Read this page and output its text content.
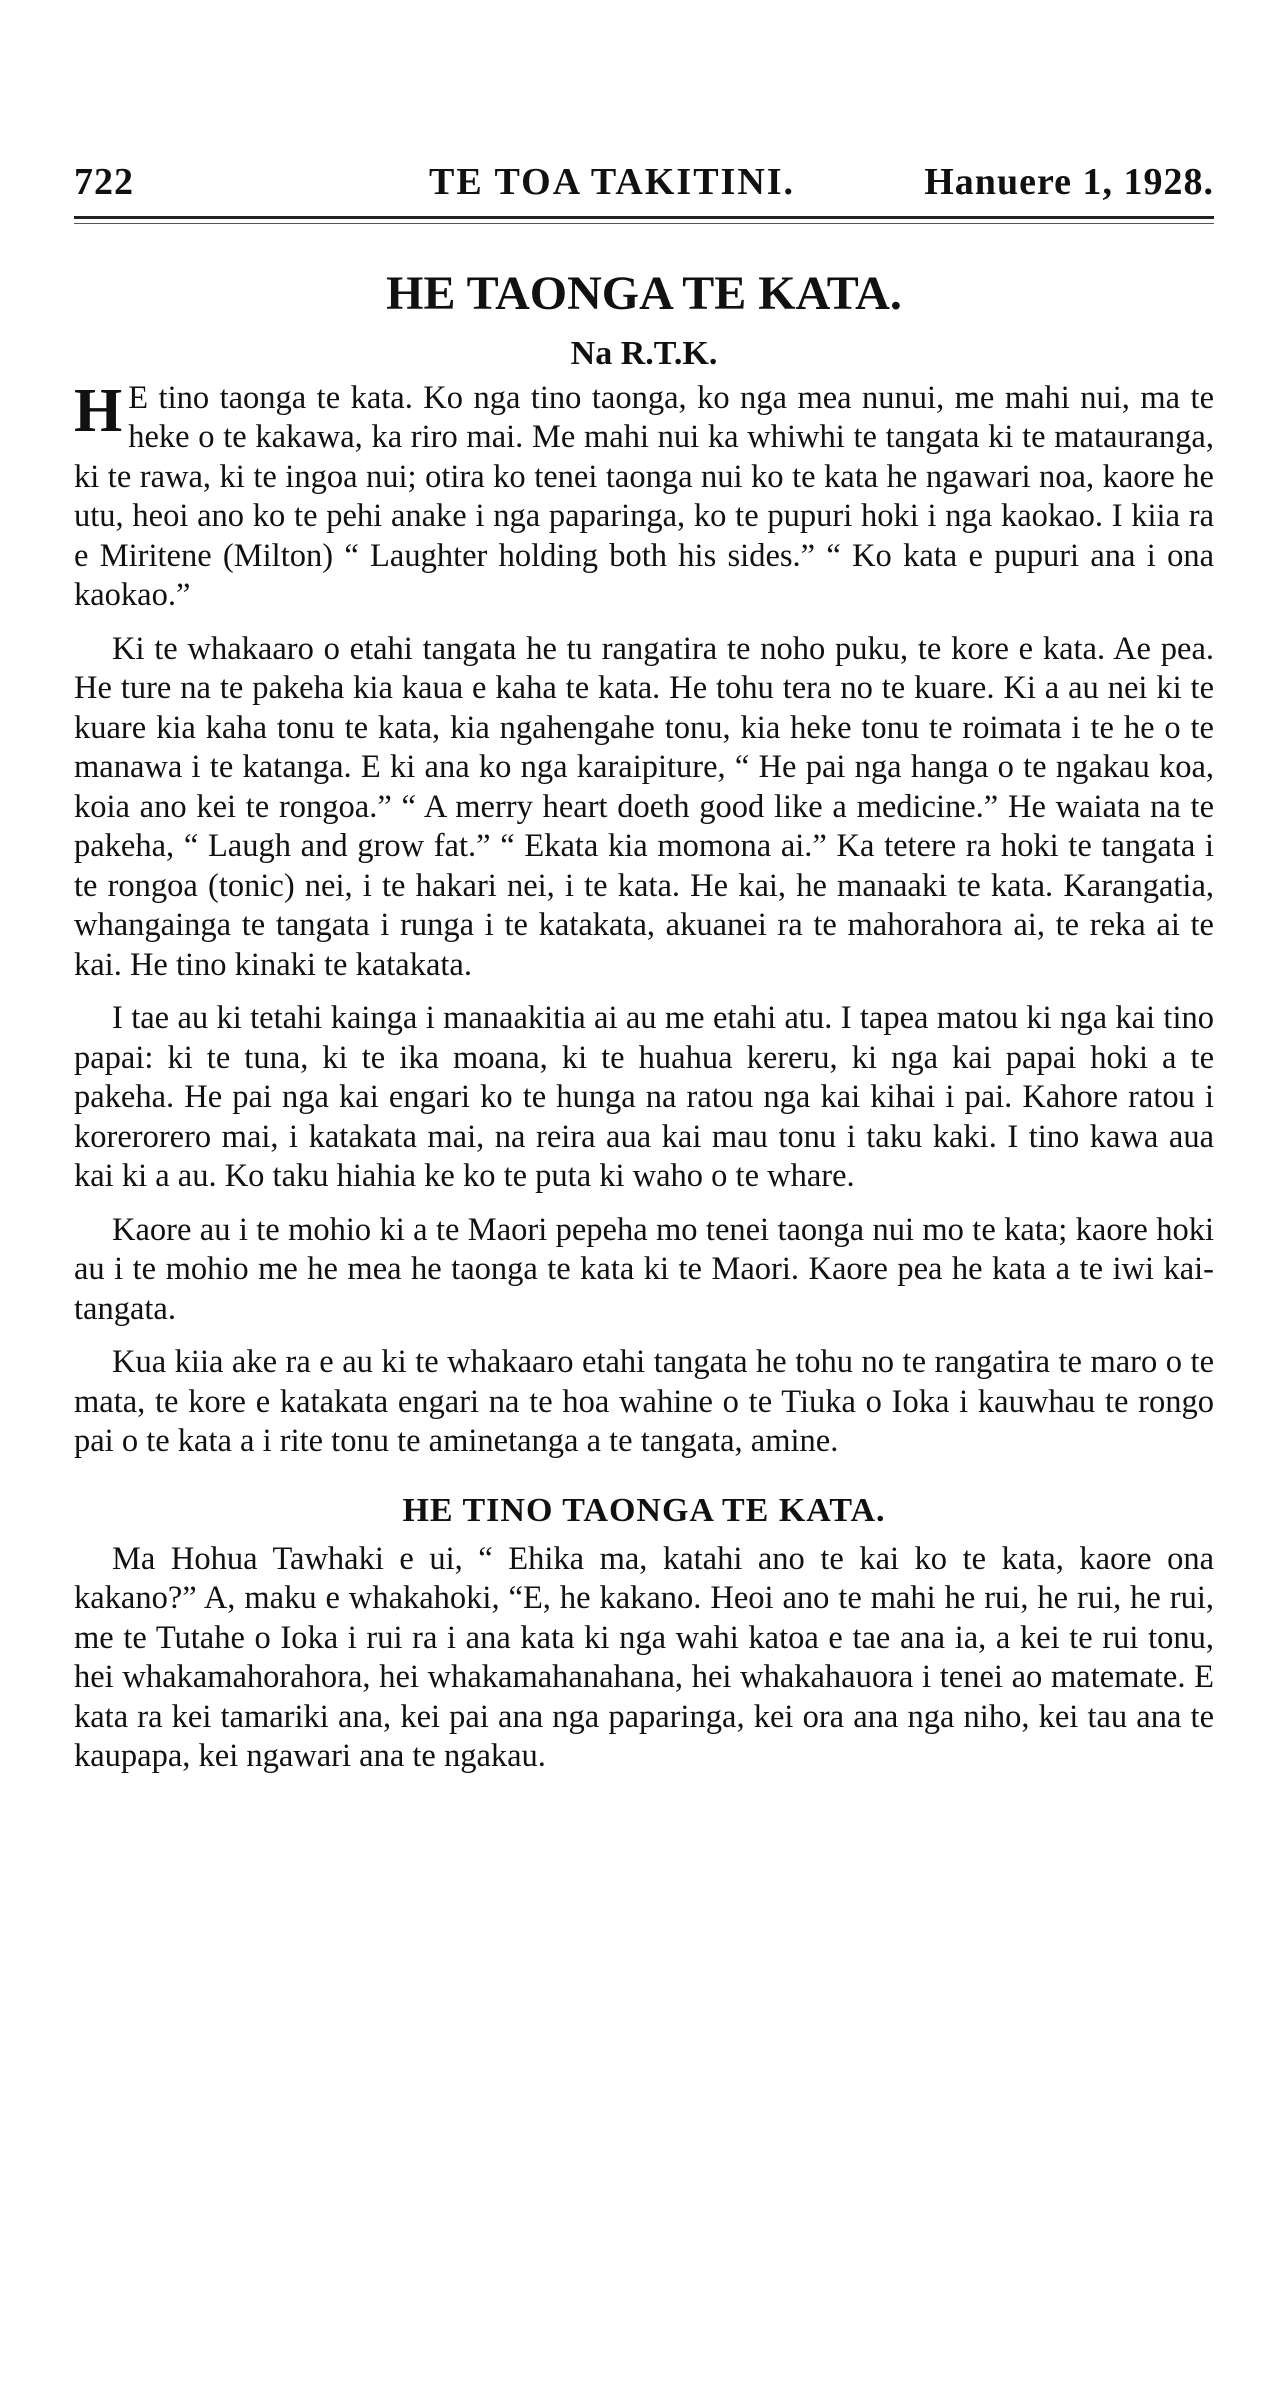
722	TE TOA TAKITINI.	Hanuere 1, 1928.
HE TAONGA TE KATA.
Na R.T.K.

H E tino taonga te kata. Ko nga tino taonga, ko nga mea nunui, me mahi nui, ma te heke o te kakawa, ka riro mai. Me mahi nui ka whiwhi te tangata ki te matauranga, ki te rawa, ki te ingoa nui; otira ko tenei taonga nui ko te kata he ngawari noa, kaore he utu, heoi ano ko te pehi anake i nga paparinga, ko te pupuri hoki i nga kaokao. I kiia ra e Miritene (Milton) “ Laughter holding both his sides.” “ Ko kata e pupuri ana i ona kaokao.”

Ki te whakaaro o etahi tangata he tu rangatira te noho puku, te kore e kata. Ae pea. He ture na te pakeha kia kaua e kaha te kata. He tohu tera no te kuare. Ki a au nei ki te kuare kia kaha tonu te kata, kia ngahengahe tonu, kia heke tonu te roimata i te he o te manawa i te katanga. E ki ana ko nga karaipiture, “ He pai nga hanga o te ngakau koa, koia ano kei te rongoa.” “ A merry heart doeth good like a medicine.” He waiata na te pakeha, “ Laugh and grow fat.” “ Ekata kia momona ai.” Ka tetere ra hoki te tangata i te rongoa (tonic) nei, i te hakari nei, i te kata. He kai, he manaaki te kata. Karangatia, whangainga te tangata i runga i te katakata, akuanei ra te mahorahora ai, te reka ai te kai. He tino kinaki te katakata.

I tae au ki tetahi kainga i manaakitia ai au me etahi atu. I tapea matou ki nga kai tino papai: ki te tuna, ki te ika moana, ki te huahua kereru, ki nga kai papai hoki a te pakeha. He pai nga kai engari ko te hunga na ratou nga kai kihai i pai. Kahore ratou i korerorero mai, i katakata mai, na reira aua kai mau tonu i taku kaki. I tino kawa aua kai ki a au. Ko taku hiahia ke ko te puta ki waho o te whare.

Kaore au i te mohio ki a te Maori pepeha mo tenei taonga nui mo te kata; kaore hoki au i te mohio me he mea he taonga te kata ki te Maori. Kaore pea he kata a te iwi kai-tangata.

Kua kiia ake ra e au ki te whakaaro etahi tangata he tohu no te rangatira te maro o te mata, te kore e katakata engari na te hoa wahine o te Tiuka o Ioka i kauwhau te rongo pai o te kata a i rite tonu te aminetanga a te tangata, amine.

HE TINO TAONGA TE KATA.

Ma Hohua Tawhaki e ui, “ Ehika ma, katahi ano te kai ko te kata, kaore ona kakano?” A, maku e whakahoki, “E, he kakano. Heoi ano te mahi he rui, he rui, he rui, me te Tutahe o Ioka i rui ra i ana kata ki nga wahi katoa e tae ana ia, a kei te rui tonu, hei whakamahorahora, hei whakamahanahana, hei whakahauora i tenei ao matemate. E kata ra kei tamariki ana, kei pai ana nga paparinga, kei ora ana nga niho, kei tau ana te kaupapa, kei ngawari ana te ngakau.
